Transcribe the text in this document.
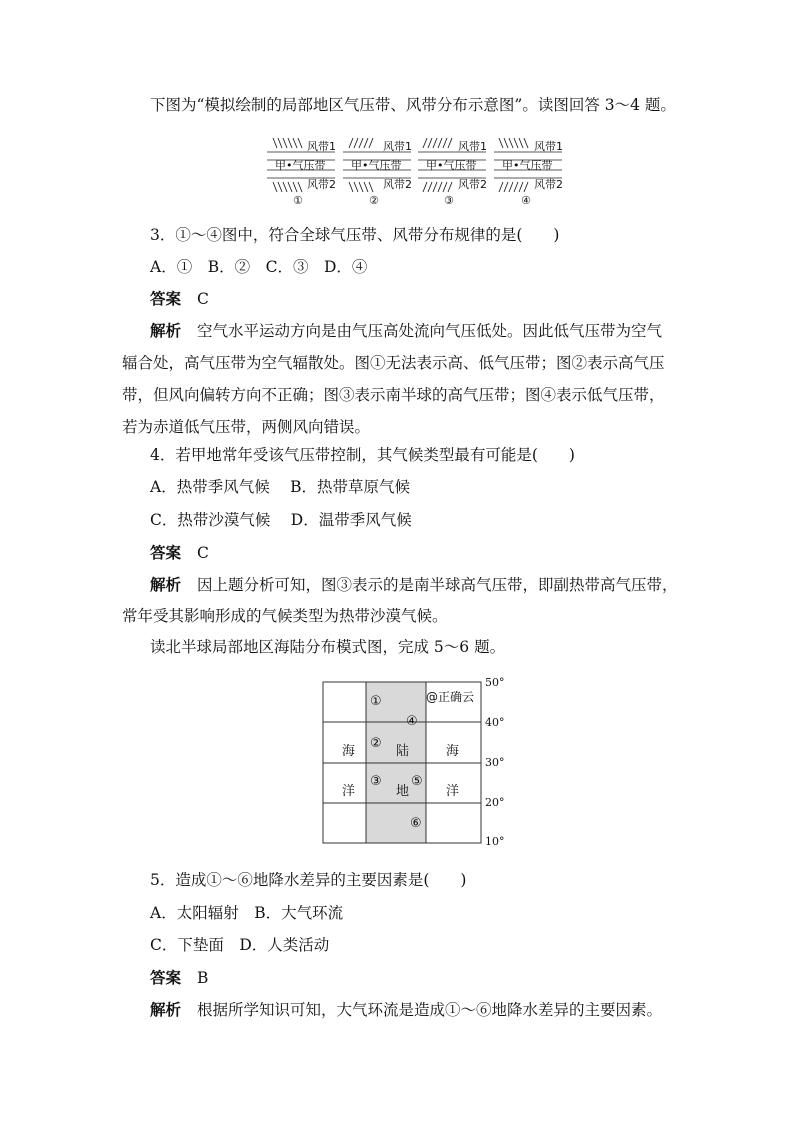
下图为“模拟绘制的局部地区气压带、风带分布示意图”。读图回答 3～4 题。
风带1
甲•气压带
风带2
①
风带1
甲•气压带
风带2
②
风带1
甲•气压带
风带2
③
风带1
甲•气压带
风带2
④
3．①～④图中，符合全球气压带、风带分布规律的是(　　)
A．①　B．②　C．③　D．④
答案 C
解析 空气水平运动方向是由气压高处流向气压低处。因此低气压带为空气
辐合处，高气压带为空气辐散处。图①无法表示高、低气压带；图②表示高气压
带，但风向偏转方向不正确；图③表示南半球的高气压带；图④表示低气压带，
若为赤道低气压带，两侧风向错误。
4．若甲地常年受该气压带控制，其气候类型最有可能是(　　)
A．热带季风气候　 B．热带草原气候
C．热带沙漠气候　 D．温带季风气候
答案 C
解析 因上题分析可知，图③表示的是南半球高气压带，即副热带高气压带，
常年受其影响形成的气候类型为热带沙漠气候。
读北半球局部地区海陆分布模式图，完成 5～6 题。
@正确云
50°
40°
30°
20°
10°
海
洋
陆
地
海
洋
①
②
③
④
⑤
⑥
5．造成①～⑥地降水差异的主要因素是(　　)
A．太阳辐射　B．大气环流
C．下垫面　D．人类活动
答案 B
解析 根据所学知识可知，大气环流是造成①～⑥地降水差异的主要因素。
